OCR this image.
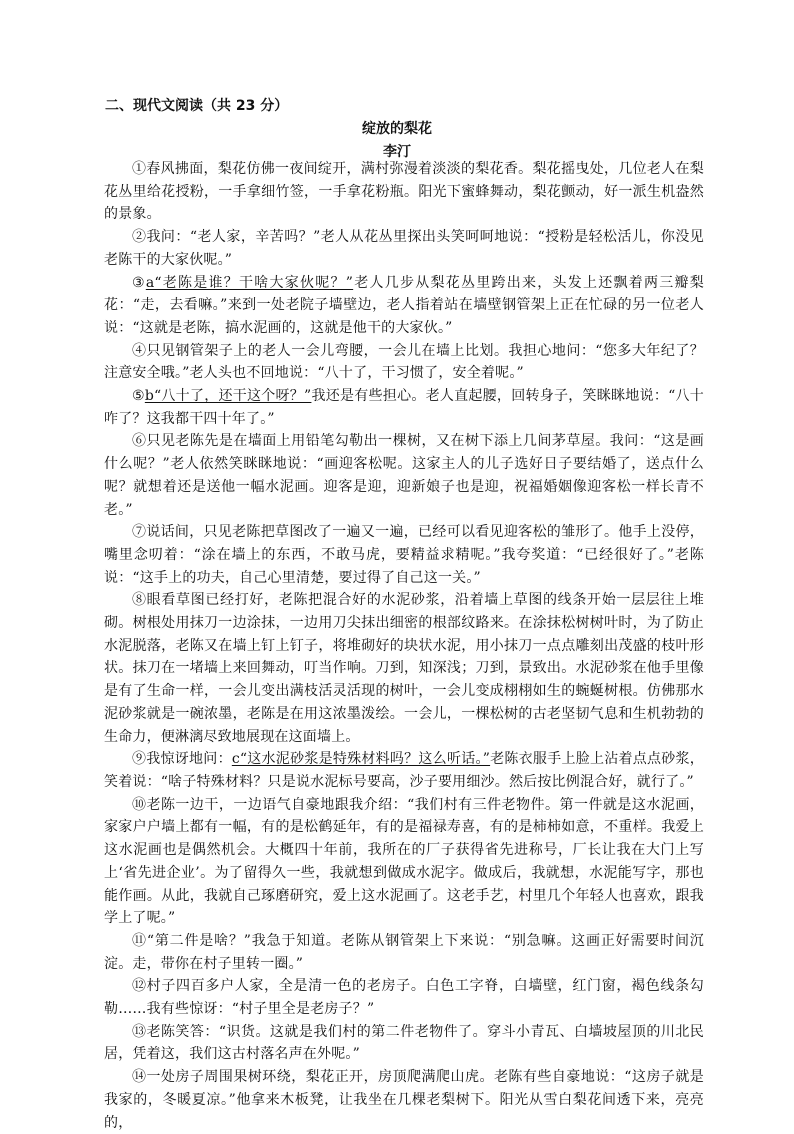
二、现代文阅读（共 23 分）
绽放的梨花
李汀

①春风拂面，梨花仿佛一夜间绽开，满村弥漫着淡淡的梨花香。梨花摇曳处，几位老人在梨花丛里给花授粉，一手拿细竹签，一手拿花粉瓶。阳光下蜜蜂舞动，梨花颤动，好一派生机盎然的景象。

②我问：“老人家，辛苦吗？”老人从花丛里探出头笑呵呵地说：“授粉是轻松活儿，你没见老陈干的大家伙呢。”

③a“老陈是谁？干啥大家伙呢？”老人几步从梨花丛里跨出来，头发上还飘着两三瓣梨花：“走，去看嘛。”来到一处老院子墙壁边，老人指着站在墙壁钢管架上正在忙碌的另一位老人说：“这就是老陈，搞水泥画的，这就是他干的大家伙。”

④只见钢管架子上的老人一会儿弯腰，一会儿在墙上比划。我担心地问：“您多大年纪了？注意安全哦。”老人头也不回地说：“八十了，干习惯了，安全着呢。”

⑤b“八十了，还干这个呀？”我还是有些担心。老人直起腰，回转身子，笑眯眯地说：“八十咋了？这我都干四十年了。”

⑥只见老陈先是在墙面上用铅笔勾勒出一棵树，又在树下添上几间茅草屋。我问：“这是画什么呢？”老人依然笑眯眯地说：“画迎客松呢。这家主人的儿子选好日子要结婚了，送点什么呢？就想着还是送他一幅水泥画。迎客是迎，迎新娘子也是迎，祝福婚姻像迎客松一样长青不老。”

⑦说话间，只见老陈把草图改了一遍又一遍，已经可以看见迎客松的雏形了。他手上没停，嘴里念叨着：“涂在墙上的东西，不敢马虎，要精益求精呢。”我夸奖道：“已经很好了。”老陈说：“这手上的功夫，自己心里清楚，要过得了自己这一关。”

⑧眼看草图已经打好，老陈把混合好的水泥砂浆，沿着墙上草图的线条开始一层层往上堆砌。树根处用抹刀一边涂抹，一边用刀尖抹出细密的根部纹路来。在涂抹松树树叶时，为了防止水泥脱落，老陈又在墙上钉上钉子，将堆砌好的块状水泥，用小抹刀一点点雕刻出茂盛的枝叶形状。抹刀在一堵墙上来回舞动，叮当作响。刀到，知深浅；刀到，景致出。水泥砂浆在他手里像是有了生命一样，一会儿变出满枝活灵活现的树叶，一会儿变成栩栩如生的蜿蜒树根。仿佛那水泥砂浆就是一碗浓墨，老陈是在用这浓墨泼绘。一会儿，一棵松树的古老坚韧气息和生机勃勃的生命力，便淋漓尽致地展现在这面墙上。

⑨我惊讶地问：c“这水泥砂浆是特殊材料吗？这么听话。”老陈衣服手上脸上沾着点点砂浆，笑着说：“啥子特殊材料？只是说水泥标号要高，沙子要用细沙。然后按比例混合好，就行了。”

⑩老陈一边干，一边语气自豪地跟我介绍：“我们村有三件老物件。第一件就是这水泥画，家家户户墙上都有一幅，有的是松鹤延年，有的是福禄寿喜，有的是柿柿如意，不重样。我爱上这水泥画也是偶然机会。大概四十年前，我所在的厂子获得省先进称号，厂长让我在大门上写上‘省先进企业’。为了留得久一些，我就想到做成水泥字。做成后，我就想，水泥能写字，那也能作画。从此，我就自己琢磨研究，爱上这水泥画了。这老手艺，村里几个年轻人也喜欢，跟我学上了呢。”

⑪“第二件是啥？”我急于知道。老陈从钢管架上下来说：“别急嘛。这画正好需要时间沉淀。走，带你在村子里转一圈。”

⑫村子四百多户人家，全是清一色的老房子。白色工字脊，白墙壁，红门窗，褐色线条勾勒……我有些惊讶：“村子里全是老房子？”

⑬老陈笑答：“识货。这就是我们村的第二件老物件了。穿斗小青瓦、白墙坡屋顶的川北民居，凭着这，我们这古村落名声在外呢。”

⑭一处房子周围果树环绕，梨花正开，房顶爬满爬山虎。老陈有些自豪地说：“这房子就是我家的，冬暖夏凉。”他拿来木板凳，让我坐在几棵老梨树下。阳光从雪白梨花间透下来，亮亮的，
